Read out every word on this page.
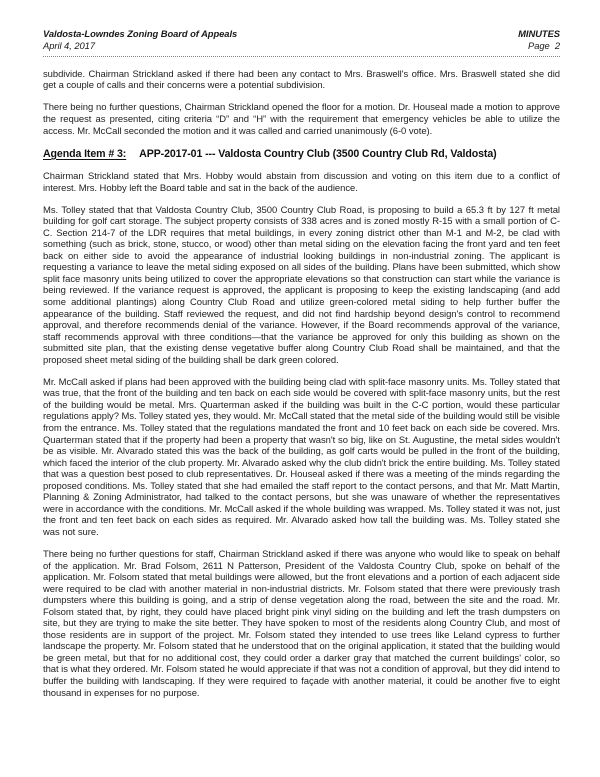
Valdosta-Lowndes Zoning Board of Appeals
April 4, 2017
MINUTES
Page  2

subdivide. Chairman Strickland asked if there had been any contact to Mrs. Braswell's office. Mrs. Braswell stated she did get a couple of calls and their concerns were a potential subdivision.

There being no further questions, Chairman Strickland opened the floor for a motion. Dr. Houseal made a motion to approve the request as presented, citing criteria “D” and “H” with the requirement that emergency vehicles be able to utilize the access. Mr. McCall seconded the motion and it was called and carried unanimously (6-0 vote).

Agenda Item # 3: APP-2017-01 --- Valdosta Country Club (3500 Country Club Rd, Valdosta)

Chairman Strickland stated that Mrs. Hobby would abstain from discussion and voting on this item due to a conflict of interest. Mrs. Hobby left the Board table and sat in the back of the audience.

Ms. Tolley stated that that Valdosta Country Club, 3500 Country Club Road, is proposing to build a 65.3 ft by 127 ft metal building for golf cart storage. The subject property consists of 338 acres and is zoned mostly R-15 with a small portion of C-C. Section 214-7 of the LDR requires that metal buildings, in every zoning district other than M-1 and M-2, be clad with something (such as brick, stone, stucco, or wood) other than metal siding on the elevation facing the front yard and ten feet back on either side to avoid the appearance of industrial looking buildings in non-industrial zoning. The applicant is requesting a variance to leave the metal siding exposed on all sides of the building. Plans have been submitted, which show split face masonry units being utilized to cover the appropriate elevations so that construction can start while the variance is being reviewed. If the variance request is approved, the applicant is proposing to keep the existing landscaping (and add some additional plantings) along Country Club Road and utilize green-colored metal siding to help further buffer the appearance of the building. Staff reviewed the request, and did not find hardship beyond design's control to recommend approval, and therefore recommends denial of the variance. However, if the Board recommends approval of the variance, staff recommends approval with three conditions—that the variance be approved for only this building as shown on the submitted site plan, that the existing dense vegetative buffer along Country Club Road shall be maintained, and that the proposed sheet metal siding of the building shall be dark green colored.

Mr. McCall asked if plans had been approved with the building being clad with split-face masonry units. Ms. Tolley stated that was true, that the front of the building and ten back on each side would be covered with split-face masonry units, but the rest of the building would be metal. Mrs. Quarterman asked if the building was built in the C-C portion, would these particular regulations apply? Ms. Tolley stated yes, they would. Mr. McCall stated that the metal side of the building would still be visible from the entrance. Ms. Tolley stated that the regulations mandated the front and 10 feet back on each side be covered. Mrs. Quarterman stated that if the property had been a property that wasn't so big, like on St. Augustine, the metal sides wouldn't be as visible. Mr. Alvarado stated this was the back of the building, as golf carts would be pulled in the front of the building, which faced the interior of the club property. Mr. Alvarado asked why the club didn't brick the entire building. Ms. Tolley stated that was a question best posed to club representatives. Dr. Houseal asked if there was a meeting of the minds regarding the proposed conditions. Ms. Tolley stated that she had emailed the staff report to the contact persons, and that Mr. Matt Martin, Planning & Zoning Administrator, had talked to the contact persons, but she was unaware of whether the representatives were in accordance with the conditions. Mr. McCall asked if the whole building was wrapped. Ms. Tolley stated it was not, just the front and ten feet back on each sides as required. Mr. Alvarado asked how tall the building was. Ms. Tolley stated she was not sure.

There being no further questions for staff, Chairman Strickland asked if there was anyone who would like to speak on behalf of the application. Mr. Brad Folsom, 2611 N Patterson, President of the Valdosta Country Club, spoke on behalf of the application. Mr. Folsom stated that metal buildings were allowed, but the front elevations and a portion of each adjacent side were required to be clad with another material in non-industrial districts. Mr. Folsom stated that there were previously trash dumpsters where this building is going, and a strip of dense vegetation along the road, between the site and the road. Mr. Folsom stated that, by right, they could have placed bright pink vinyl siding on the building and left the trash dumpsters on site, but they are trying to make the site better. They have spoken to most of the residents along Country Club, and most of those residents are in support of the project. Mr. Folsom stated they intended to use trees like Leland cypress to further landscape the property. Mr. Folsom stated that he understood that on the original application, it stated that the building would be green metal, but that for no additional cost, they could order a darker gray that matched the current buildings' color, so that is what they ordered. Mr. Folsom stated he would appreciate if that was not a condition of approval, but they did intend to buffer the building with landscaping. If they were required to façade with another material, it could be another five to eight thousand in expenses for no purpose.
